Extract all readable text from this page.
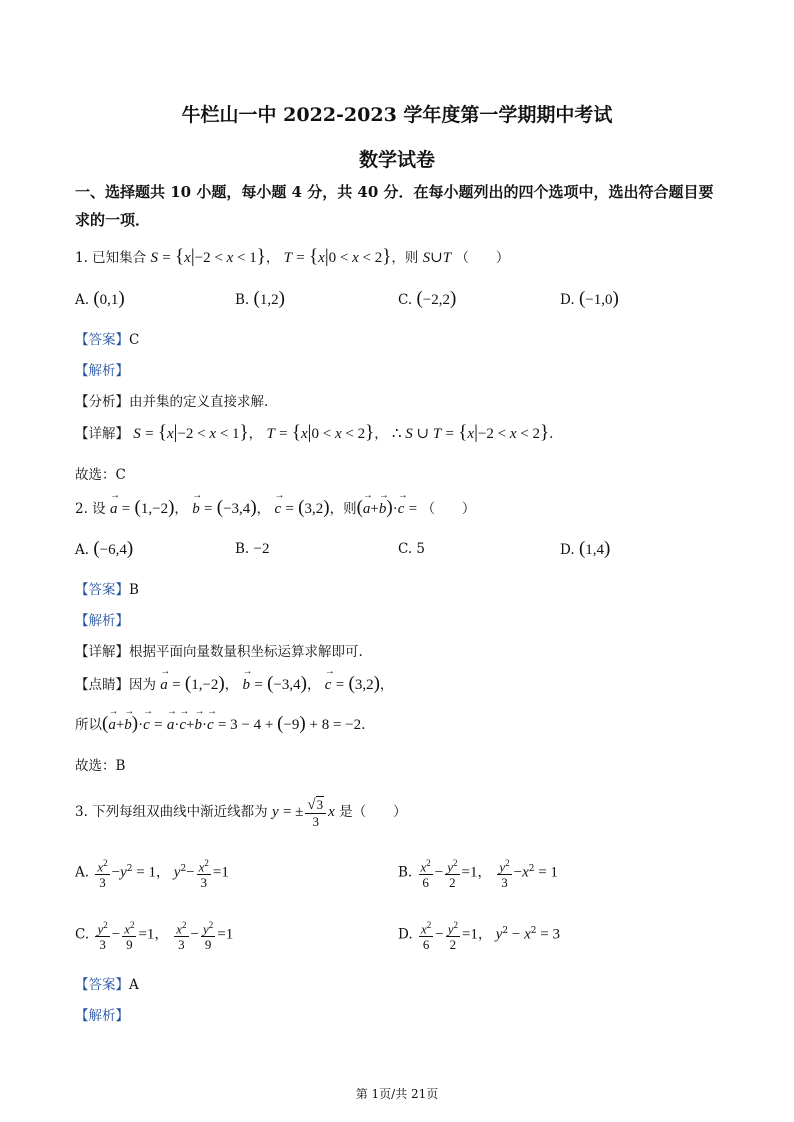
牛栏山一中 2022-2023 学年度第一学期期中考试
数学试卷
一、选择题共 10 小题，每小题 4 分，共 40 分．在每小题列出的四个选项中，选出符合题目要求的一项．
1. 已知集合 S = {x|−2 < x < 1}， T = {x|0 < x < 2}，则 S∪T （　　）
A. (0,1)	B. (1,2)	C. (−2,2)	D. (−1,0)
【答案】C
【解析】
【分析】由并集的定义直接求解.
【详解】 S = {x|−2 < x < 1}， T = {x|0 < x < 2}， ∴ S ∪ T = {x|−2 < x < 2}.
故选：C
2. 设 → a = (1,−2)， → b = (−3,4)， → c = (3,2)，则(→ a+→ b)·→ c = （　　）
A. (−6,4)	B. −2	C. 5	D. (1,4)
【答案】B
【解析】
【详解】根据平面向量数量积坐标运算求解即可.
【点睛】因为 → a = (1,−2)， → b = (−3,4)， → c = (3,2)，
所以(→ a+→ b)·→ c = → a·→ c+→ b·→ c = 3 − 4 + (−9) + 8 = −2.
故选：B
3. 下列每组双曲线中渐近线都为 y = ± $\frac{√3}{3}$ x 是（　　）
A. $\frac{x^2}{3} -y^2 = 1$， $y^2- \frac{x^2}{3} =1$	B. $\frac{x^2}{6} - \frac{y^2}{2} =1$， $\frac{y^2}{3} -x^2 = 1$
C. $\frac{y^2}{3} - \frac{x^2}{9} =1$， $\frac{x^2}{3} - \frac{y^2}{9} =1$	D. $\frac{x^2}{6} - \frac{y^2}{2} =1$， $y^2 - x^2 = 3$
【答案】A
【解析】
第 1页/共 21页
